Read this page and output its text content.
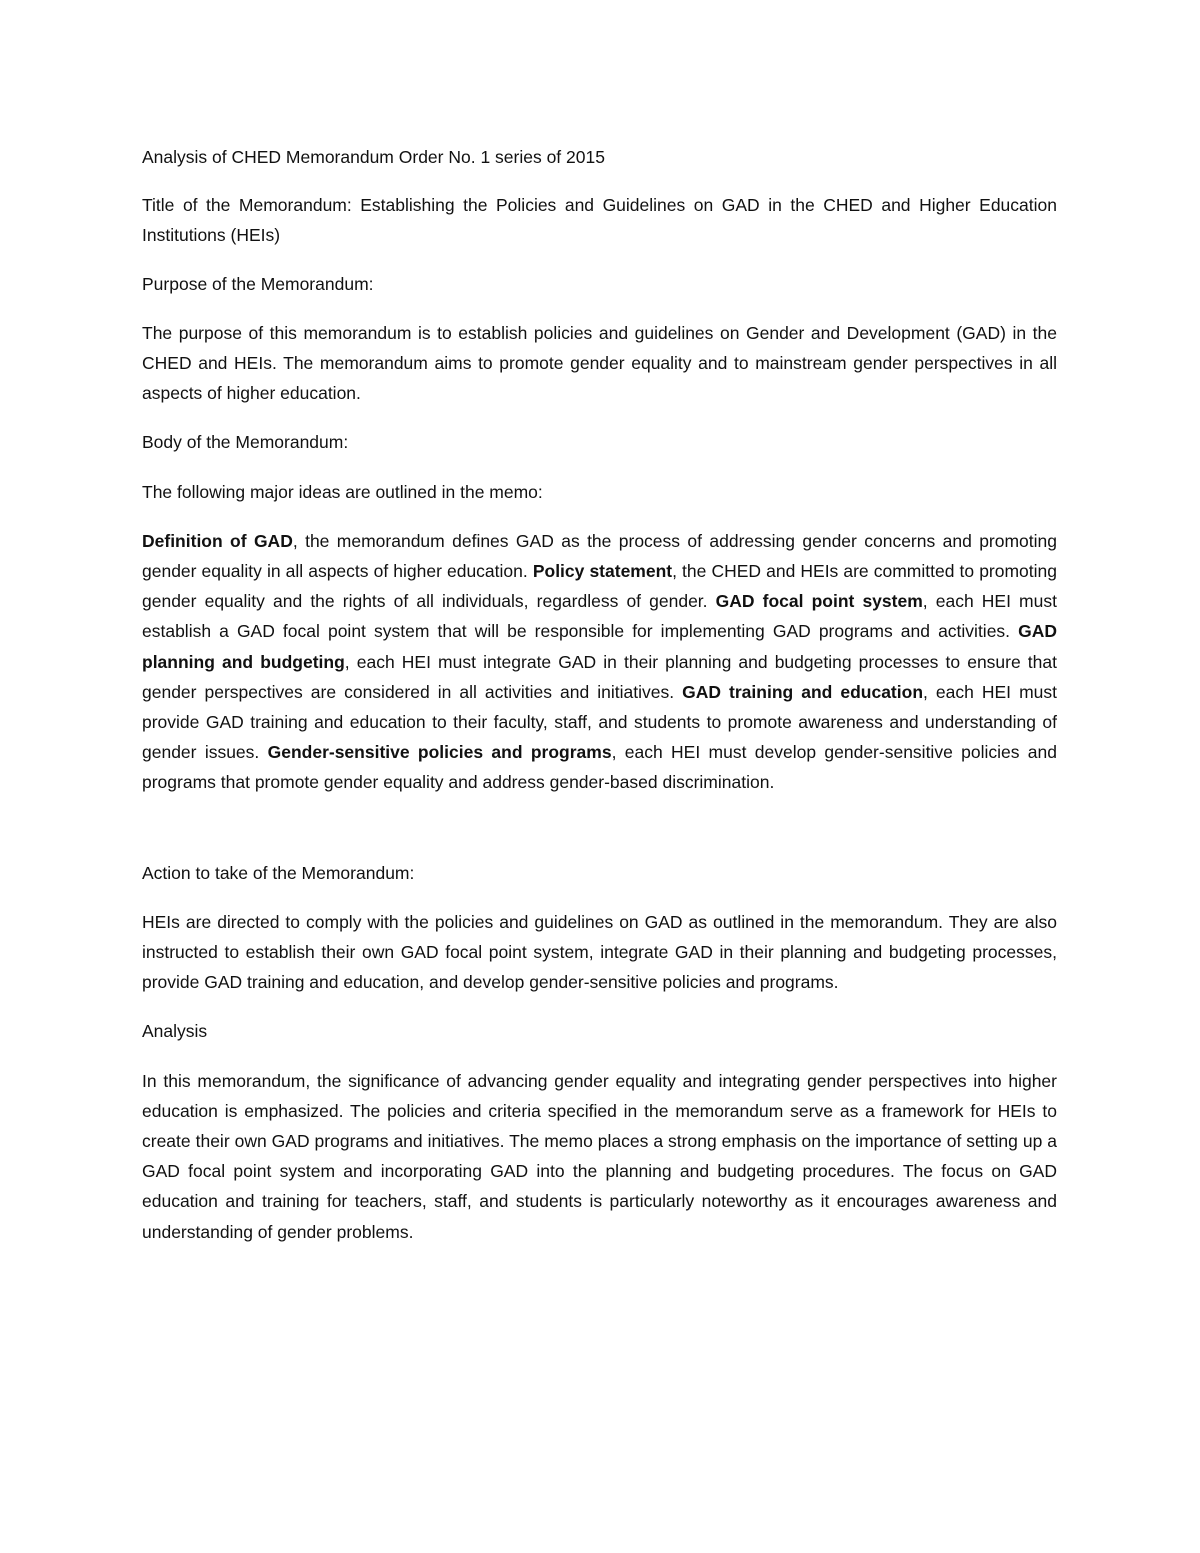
Analysis of CHED Memorandum Order No. 1 series of 2015

Title of the Memorandum: Establishing the Policies and Guidelines on GAD in the CHED and Higher Education Institutions (HEIs)

Purpose of the Memorandum:

The purpose of this memorandum is to establish policies and guidelines on Gender and Development (GAD) in the CHED and HEIs. The memorandum aims to promote gender equality and to mainstream gender perspectives in all aspects of higher education.

Body of the Memorandum:

The following major ideas are outlined in the memo:

Definition of GAD, the memorandum defines GAD as the process of addressing gender concerns and promoting gender equality in all aspects of higher education. Policy statement, the CHED and HEIs are committed to promoting gender equality and the rights of all individuals, regardless of gender. GAD focal point system, each HEI must establish a GAD focal point system that will be responsible for implementing GAD programs and activities. GAD planning and budgeting, each HEI must integrate GAD in their planning and budgeting processes to ensure that gender perspectives are considered in all activities and initiatives. GAD training and education, each HEI must provide GAD training and education to their faculty, staff, and students to promote awareness and understanding of gender issues. Gender-sensitive policies and programs, each HEI must develop gender-sensitive policies and programs that promote gender equality and address gender-based discrimination.

Action to take of the Memorandum:

HEIs are directed to comply with the policies and guidelines on GAD as outlined in the memorandum. They are also instructed to establish their own GAD focal point system, integrate GAD in their planning and budgeting processes, provide GAD training and education, and develop gender-sensitive policies and programs.

Analysis

In this memorandum, the significance of advancing gender equality and integrating gender perspectives into higher education is emphasized. The policies and criteria specified in the memorandum serve as a framework for HEIs to create their own GAD programs and initiatives. The memo places a strong emphasis on the importance of setting up a GAD focal point system and incorporating GAD into the planning and budgeting procedures. The focus on GAD education and training for teachers, staff, and students is particularly noteworthy as it encourages awareness and understanding of gender problems.
